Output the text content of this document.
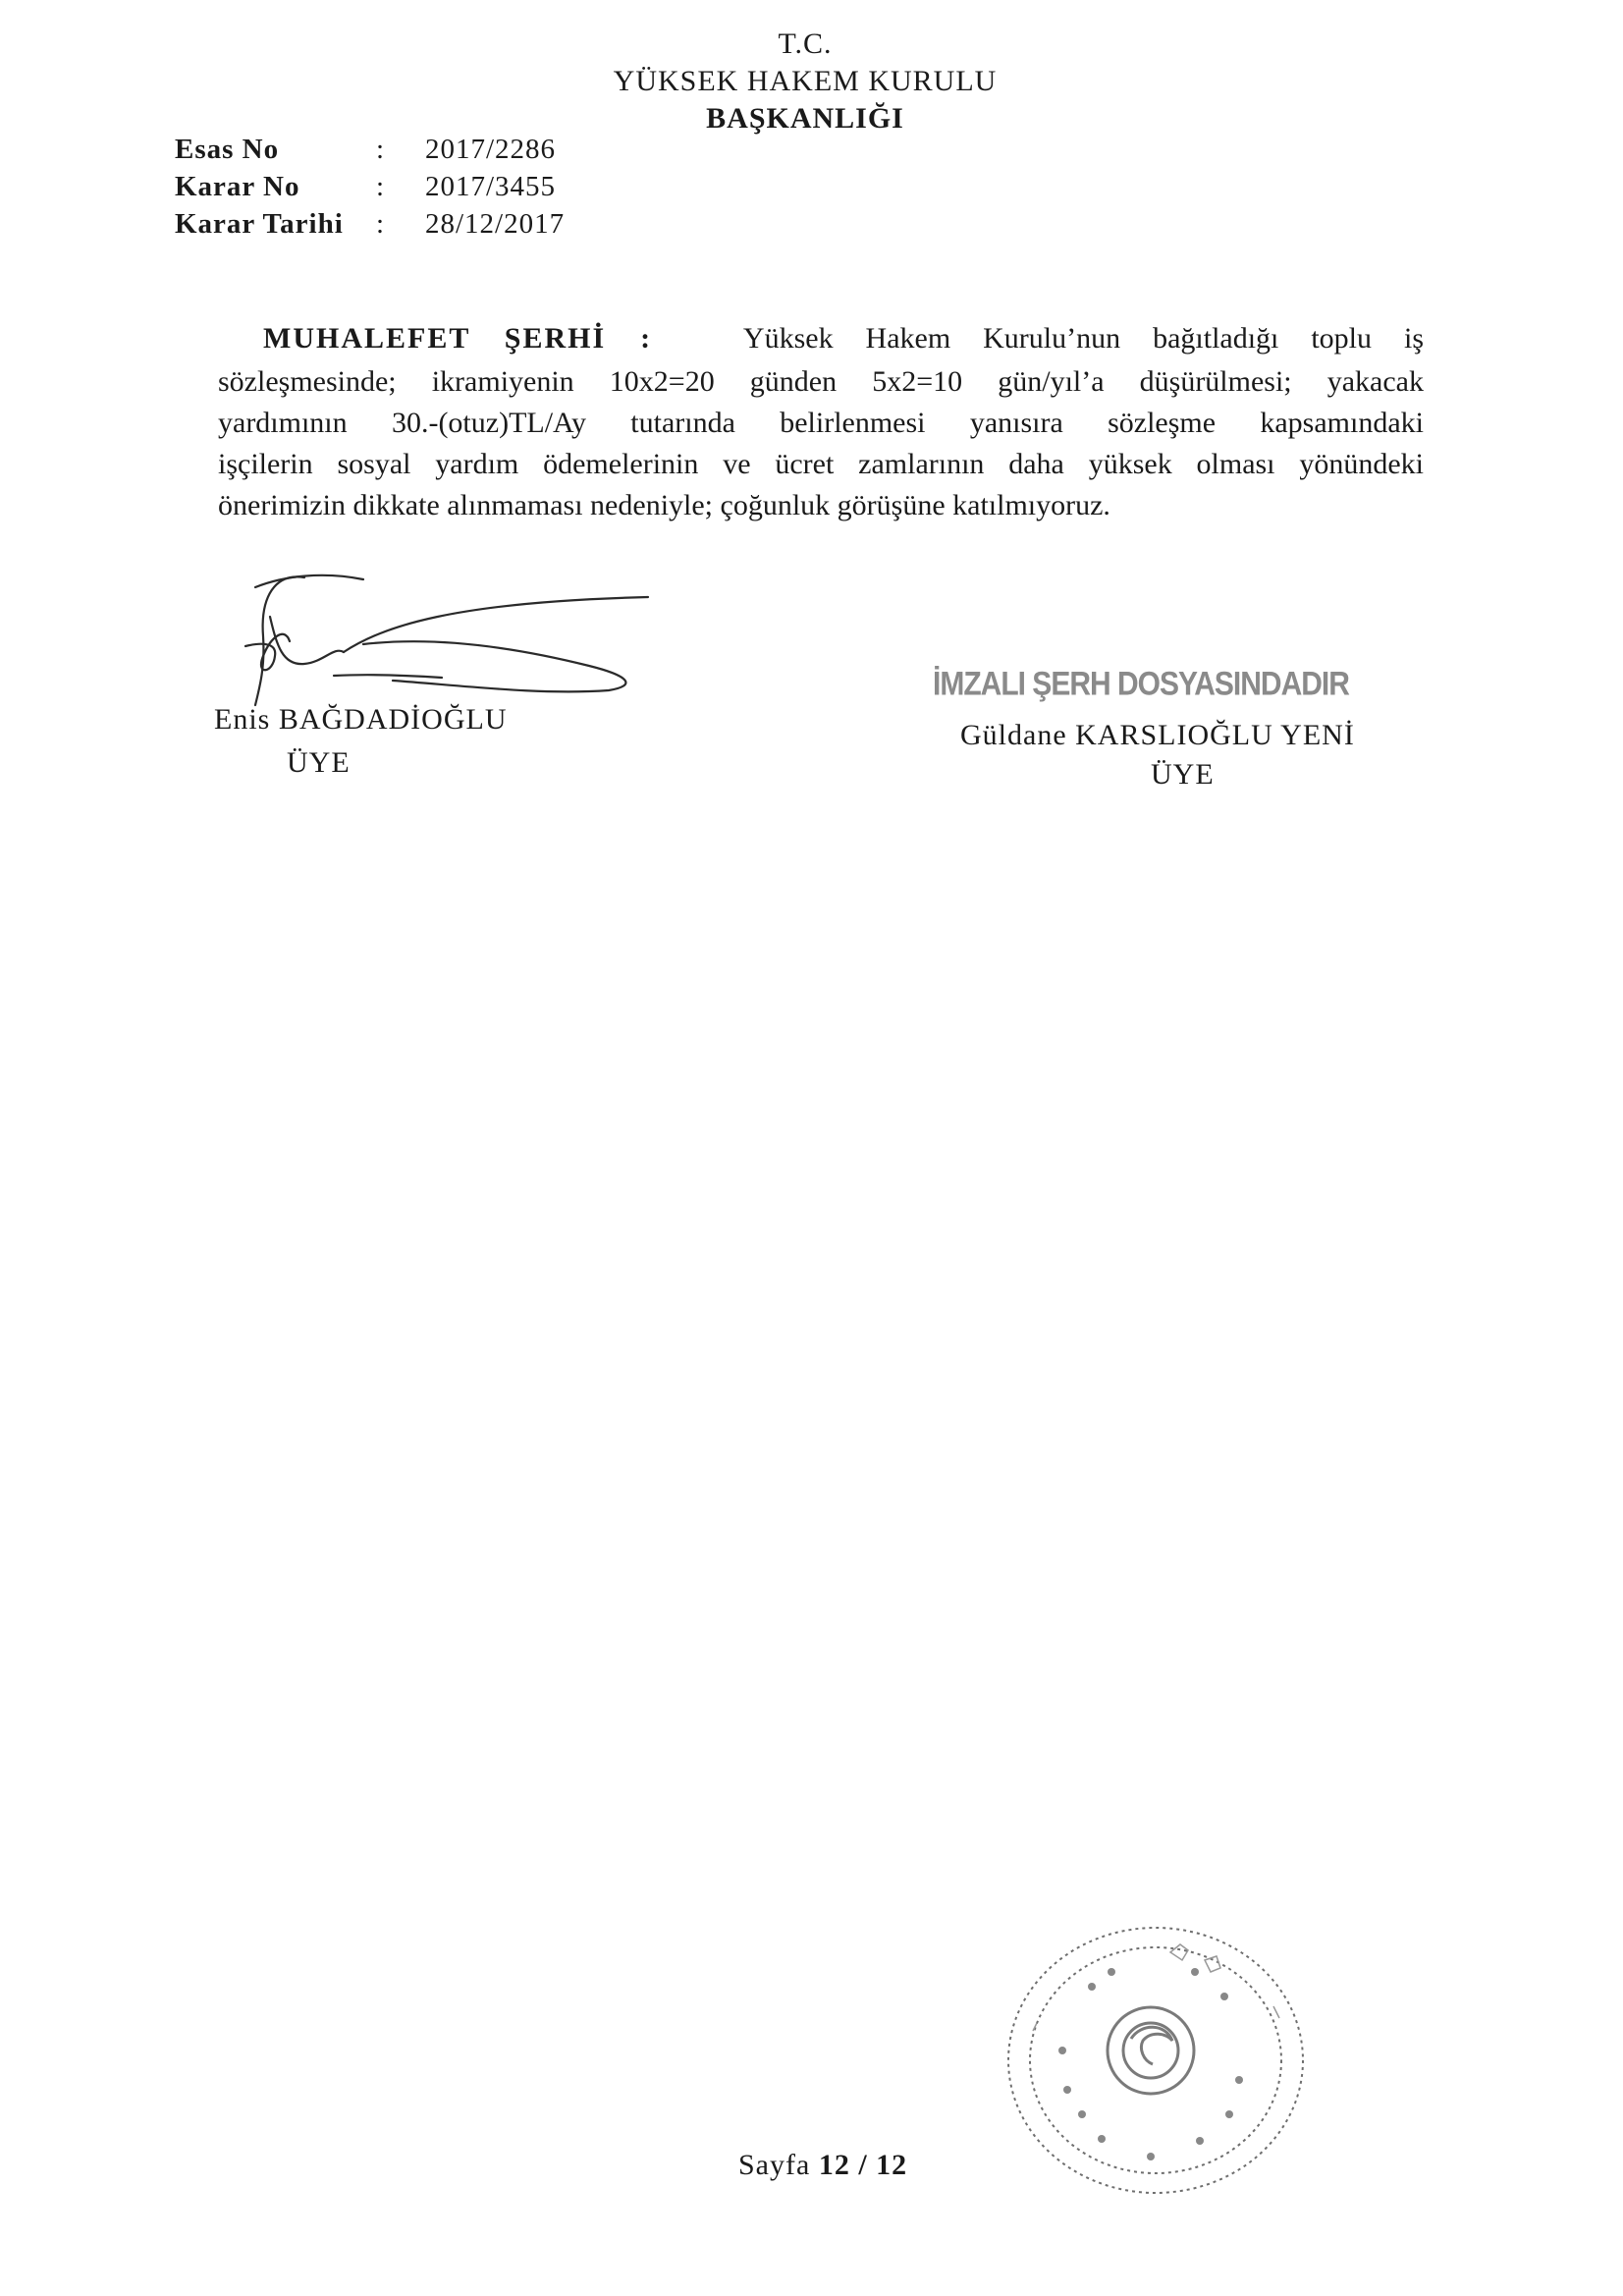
T.C.
YÜKSEK HAKEM KURULU
BAŞKANLIĞI
Esas No	:	2017/2286
Karar No	:	2017/3455
Karar Tarihi	:	28/12/2017
MUHALEFET ŞERHİ :	Yüksek Hakem Kurulu’nun bağıtladığı toplu iş
sözleşmesinde; ikramiyenin 10x2=20 günden 5x2=10 gün/yıl’a düşürülmesi; yakacak
yardımının 30.-(otuz)TL/Ay tutarında belirlenmesi yanısıra sözleşme kapsamındaki
işçilerin sosyal yardım ödemelerinin ve ücret zamlarının daha yüksek olması yönündeki
önerimizin dikkate alınmaması nedeniyle; çoğunluk görüşüne katılmıyoruz.
Enis BAĞDADİOĞLU
ÜYE
İMZALI ŞERH DOSYASINDADIR
Güldane KARSLIOĞLU YENİ
ÜYE
Sayfa 12 / 12
